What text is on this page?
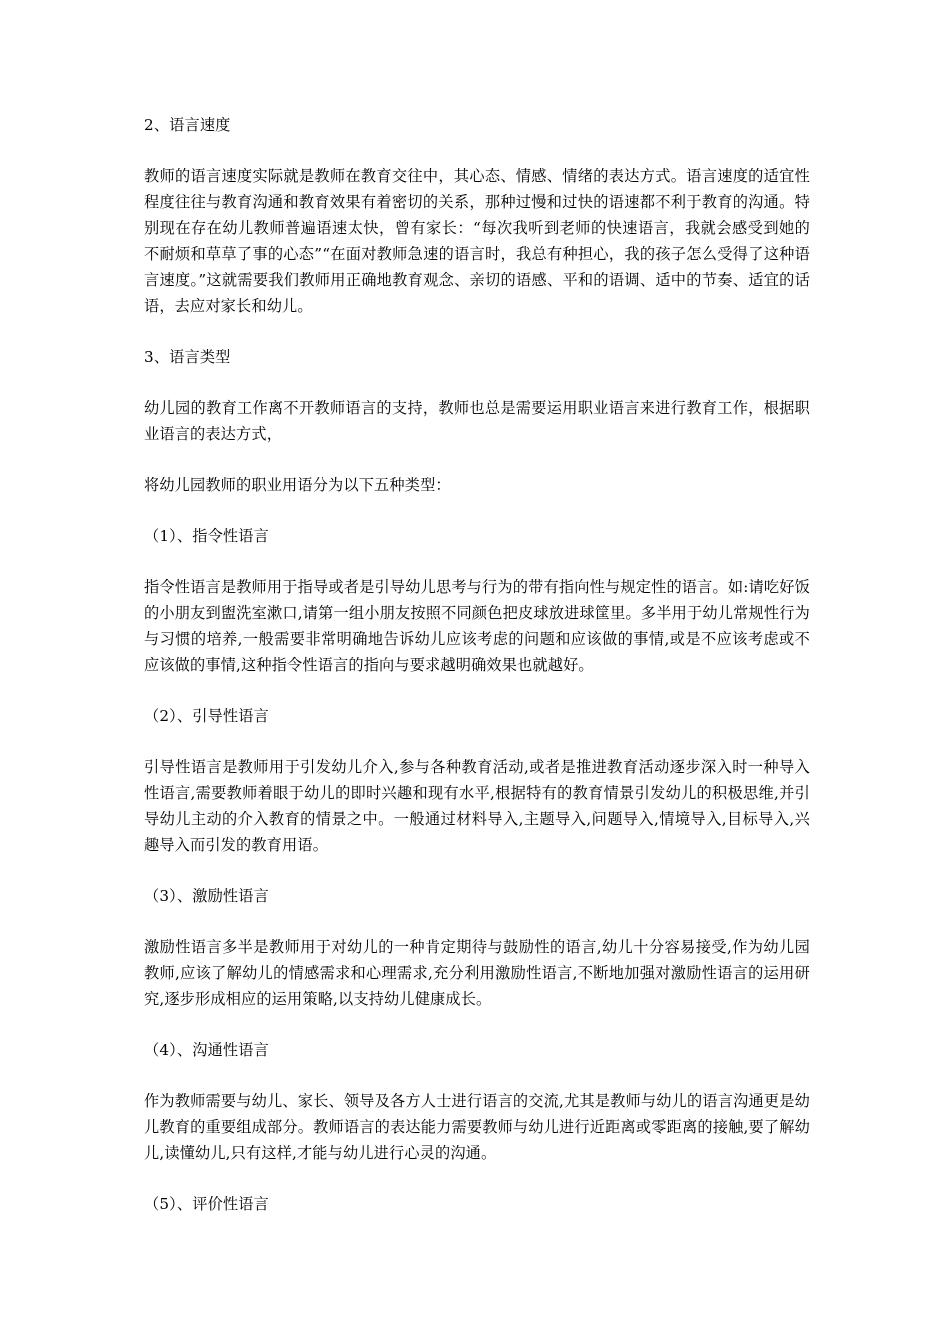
2、语言速度

教师的语言速度实际就是教师在教育交往中，其心态、情感、情绪的表达方式。语言速度的适宜性程度往往与教育沟通和教育效果有着密切的关系，那种过慢和过快的语速都不利于教育的沟通。特别现在存在幼儿教师普遍语速太快，曾有家长：“每次我听到老师的快速语言，我就会感受到她的不耐烦和草草了事的心态”“在面对教师急速的语言时，我总有种担心，我的孩子怎么受得了这种语言速度。”这就需要我们教师用正确地教育观念、亲切的语感、平和的语调、适中的节奏、适宜的话语，去应对家长和幼儿。

3、语言类型

幼儿园的教育工作离不开教师语言的支持，教师也总是需要运用职业语言来进行教育工作，根据职业语言的表达方式，

将幼儿园教师的职业用语分为以下五种类型：

（1）、指令性语言

指令性语言是教师用于指导或者是引导幼儿思考与行为的带有指向性与规定性的语言。如:请吃好饭的小朋友到盥洗室漱口,请第一组小朋友按照不同颜色把皮球放进球筐里。多半用于幼儿常规性行为与习惯的培养,一般需要非常明确地告诉幼儿应该考虑的问题和应该做的事情,或是不应该考虑或不应该做的事情,这种指令性语言的指向与要求越明确效果也就越好。

（2）、引导性语言

引导性语言是教师用于引发幼儿介入,参与各种教育活动,或者是推进教育活动逐步深入时一种导入性语言,需要教师着眼于幼儿的即时兴趣和现有水平,根据特有的教育情景引发幼儿的积极思维,并引导幼儿主动的介入教育的情景之中。一般通过材料导入,主题导入,问题导入,情境导入,目标导入,兴趣导入而引发的教育用语。

（3）、激励性语言

激励性语言多半是教师用于对幼儿的一种肯定期待与鼓励性的语言,幼儿十分容易接受,作为幼儿园教师,应该了解幼儿的情感需求和心理需求,充分利用激励性语言,不断地加强对激励性语言的运用研究,逐步形成相应的运用策略,以支持幼儿健康成长。

（4）、沟通性语言

作为教师需要与幼儿、家长、领导及各方人士进行语言的交流,尤其是教师与幼儿的语言沟通更是幼儿教育的重要组成部分。教师语言的表达能力需要教师与幼儿进行近距离或零距离的接触,要了解幼儿,读懂幼儿,只有这样,才能与幼儿进行心灵的沟通。

（5）、评价性语言
